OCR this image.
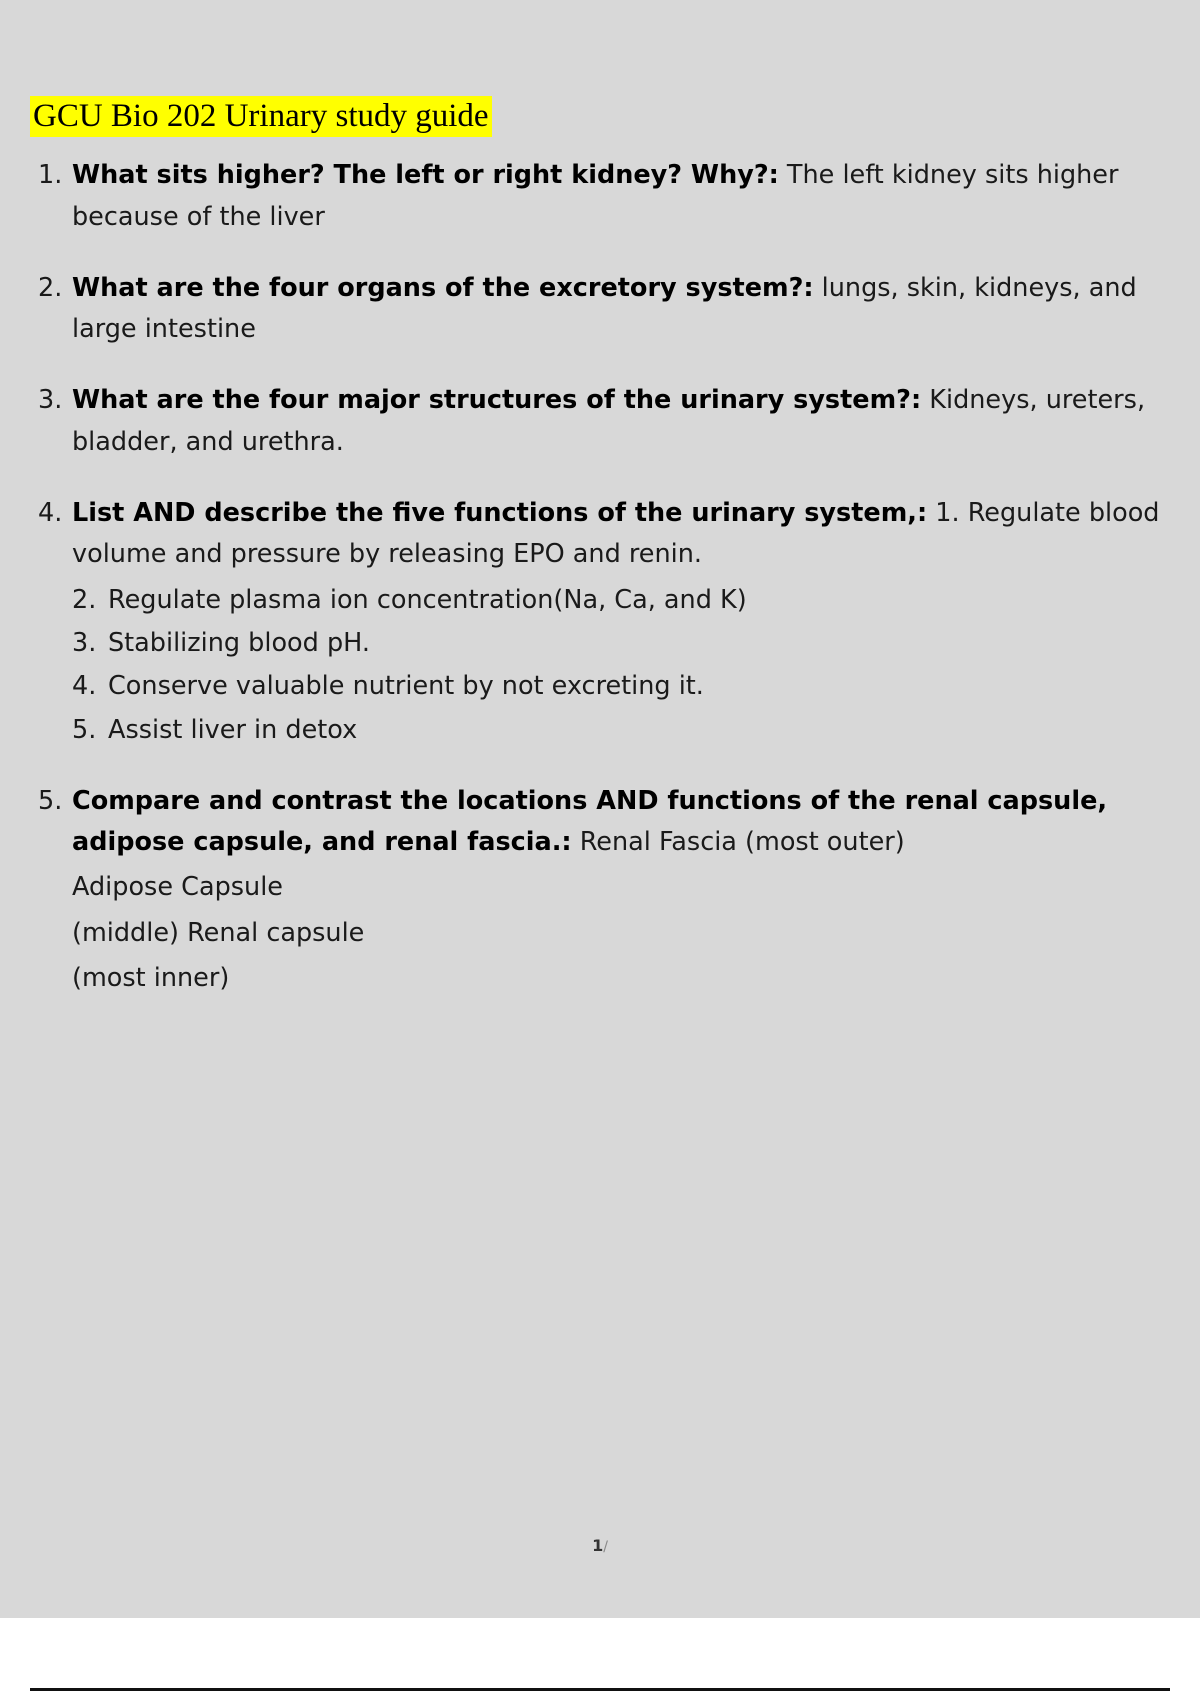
GCU Bio 202 Urinary study guide
1. What sits higher? The left or right kidney? Why?: The left kidney sits higher because of the liver
2. What are the four organs of the excretory system?: lungs, skin, kidneys, and large intestine
3. What are the four major structures of the urinary system?: Kidneys, ureters, bladder, and urethra.
4. List AND describe the five functions of the urinary system,: 1. Regulate blood volume and pressure by releasing EPO and renin.
2. Regulate plasma ion concentration(Na, Ca, and K)
3. Stabilizing blood pH.
4. Conserve valuable nutrient by not excreting it.
5. Assist liver in detox
5. Compare and contrast the locations AND functions of the renal capsule, adipose capsule, and renal fascia.: Renal Fascia (most outer)
Adipose Capsule
(middle) Renal capsule
(most inner)
1/
